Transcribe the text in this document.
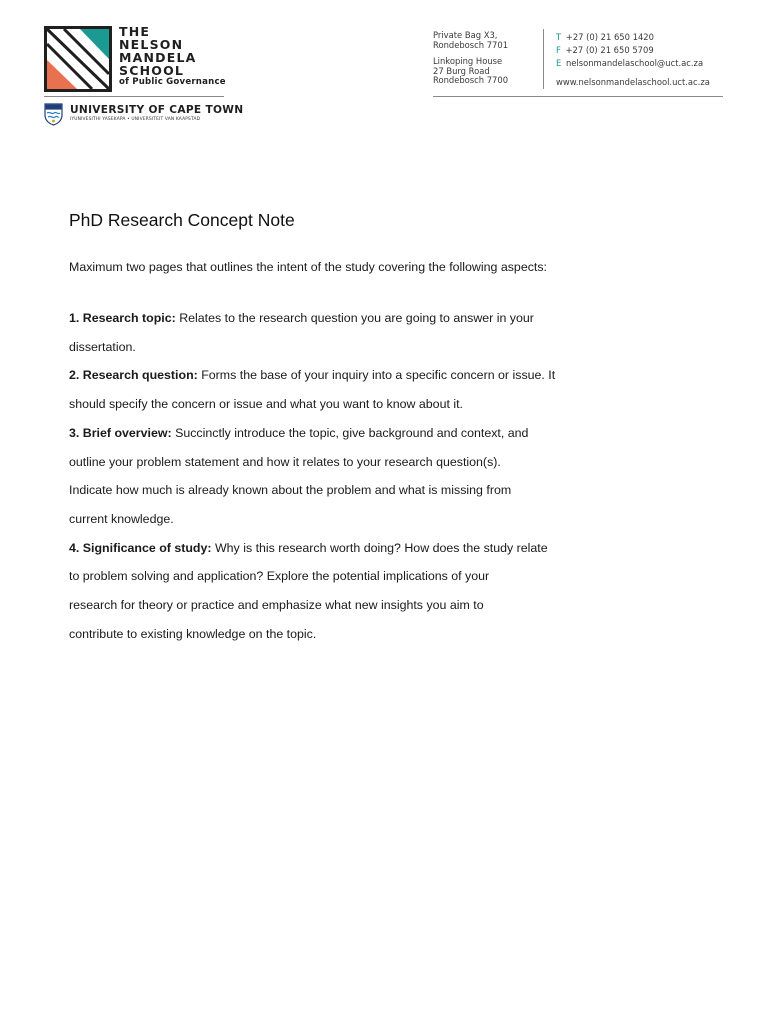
THE
NELSON
MANDELA
SCHOOL
of Public Governance
UNIVERSITY OF CAPE TOWN
IYUNIVESITHI YASEKAPA • UNIVERSITEIT VAN KAAPSTAD
Private Bag X3,
Rondebosch 7701
Linkoping House
27 Burg Road
Rondebosch 7700
T +27 (0) 21 650 1420
F +27 (0) 21 650 5709
E nelsonmandelaschool@uct.ac.za
www.nelsonmandelaschool.uct.ac.za
PhD Research Concept Note

Maximum two pages that outlines the intent of the study covering the following aspects:

1. Research topic: Relates to the research question you are going to answer in your
dissertation.

2. Research question: Forms the base of your inquiry into a specific concern or issue. It
should specify the concern or issue and what you want to know about it.

3. Brief overview: Succinctly introduce the topic, give background and context, and
outline your problem statement and how it relates to your research question(s).
Indicate how much is already known about the problem and what is missing from
current knowledge.

4. Significance of study: Why is this research worth doing? How does the study relate
to problem solving and application? Explore the potential implications of your
research for theory or practice and emphasize what new insights you aim to
contribute to existing knowledge on the topic.
